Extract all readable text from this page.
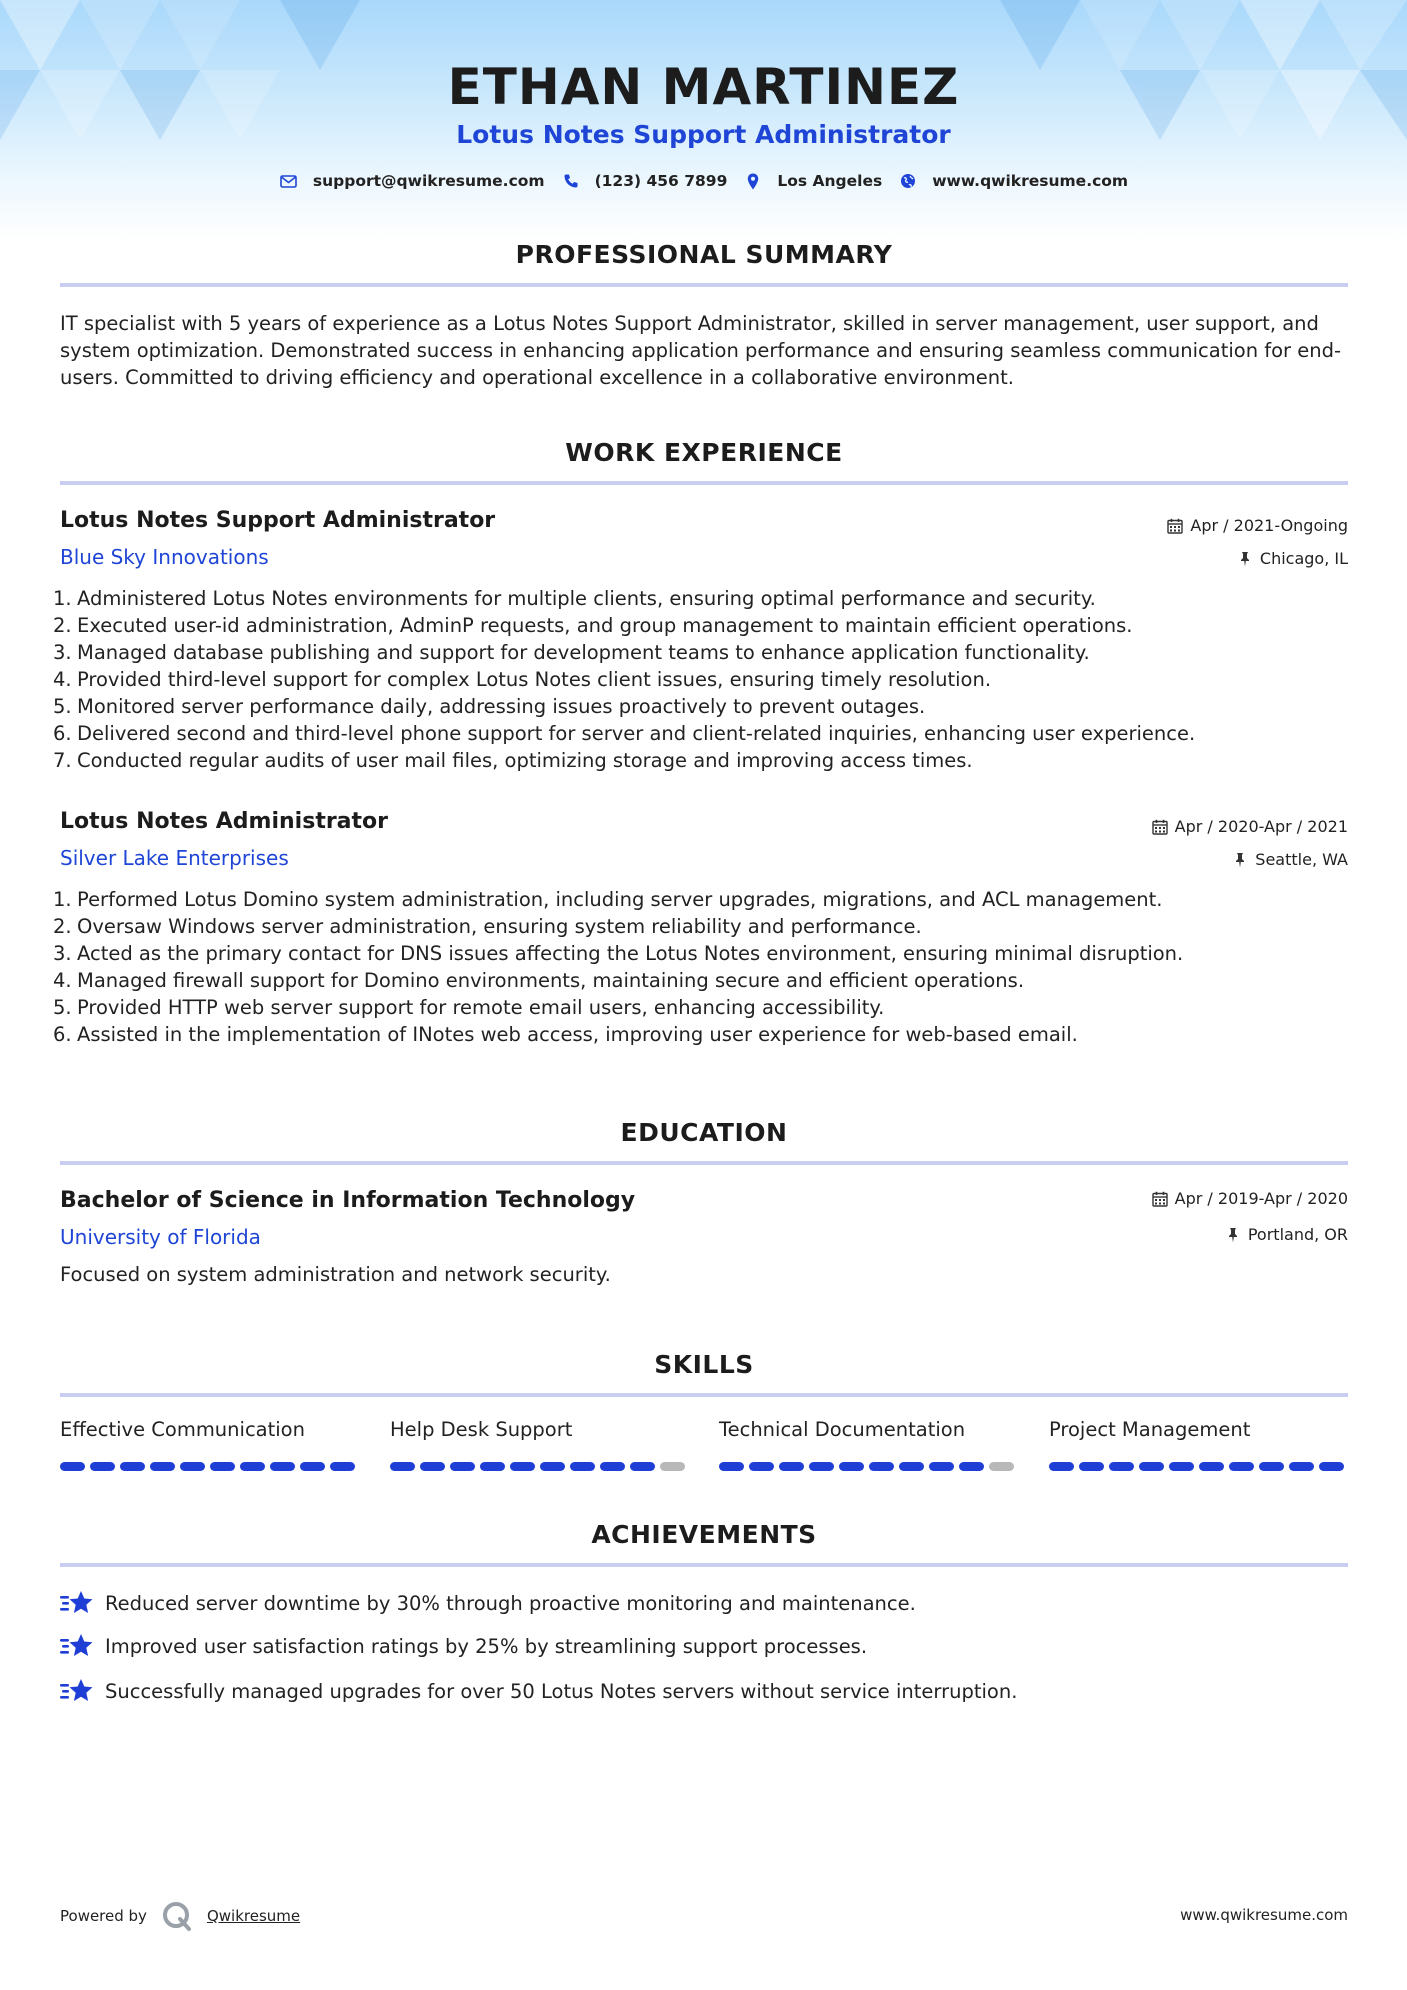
ETHAN MARTINEZ
Lotus Notes Support Administrator
support@qwikresume.com	(123) 456 7899	Los Angeles	www.qwikresume.com
PROFESSIONAL SUMMARY
IT specialist with 5 years of experience as a Lotus Notes Support Administrator, skilled in server management, user support, and
system optimization. Demonstrated success in enhancing application performance and ensuring seamless communication for end-
users. Committed to driving efficiency and operational excellence in a collaborative environment.
WORK EXPERIENCE
Lotus Notes Support Administrator	Apr / 2021-Ongoing
Blue Sky Innovations	Chicago, IL
1. Administered Lotus Notes environments for multiple clients, ensuring optimal performance and security.
2. Executed user-id administration, AdminP requests, and group management to maintain efficient operations.
3. Managed database publishing and support for development teams to enhance application functionality.
4. Provided third-level support for complex Lotus Notes client issues, ensuring timely resolution.
5. Monitored server performance daily, addressing issues proactively to prevent outages.
6. Delivered second and third-level phone support for server and client-related inquiries, enhancing user experience.
7. Conducted regular audits of user mail files, optimizing storage and improving access times.
Lotus Notes Administrator	Apr / 2020-Apr / 2021
Silver Lake Enterprises	Seattle, WA
1. Performed Lotus Domino system administration, including server upgrades, migrations, and ACL management.
2. Oversaw Windows server administration, ensuring system reliability and performance.
3. Acted as the primary contact for DNS issues affecting the Lotus Notes environment, ensuring minimal disruption.
4. Managed firewall support for Domino environments, maintaining secure and efficient operations.
5. Provided HTTP web server support for remote email users, enhancing accessibility.
6. Assisted in the implementation of INotes web access, improving user experience for web-based email.
EDUCATION
Bachelor of Science in Information Technology	Apr / 2019-Apr / 2020
University of Florida	Portland, OR
Focused on system administration and network security.
SKILLS
Effective Communication	Help Desk Support	Technical Documentation	Project Management
ACHIEVEMENTS
Reduced server downtime by 30% through proactive monitoring and maintenance.
Improved user satisfaction ratings by 25% by streamlining support processes.
Successfully managed upgrades for over 50 Lotus Notes servers without service interruption.
Powered by	Qwikresume	www.qwikresume.com
